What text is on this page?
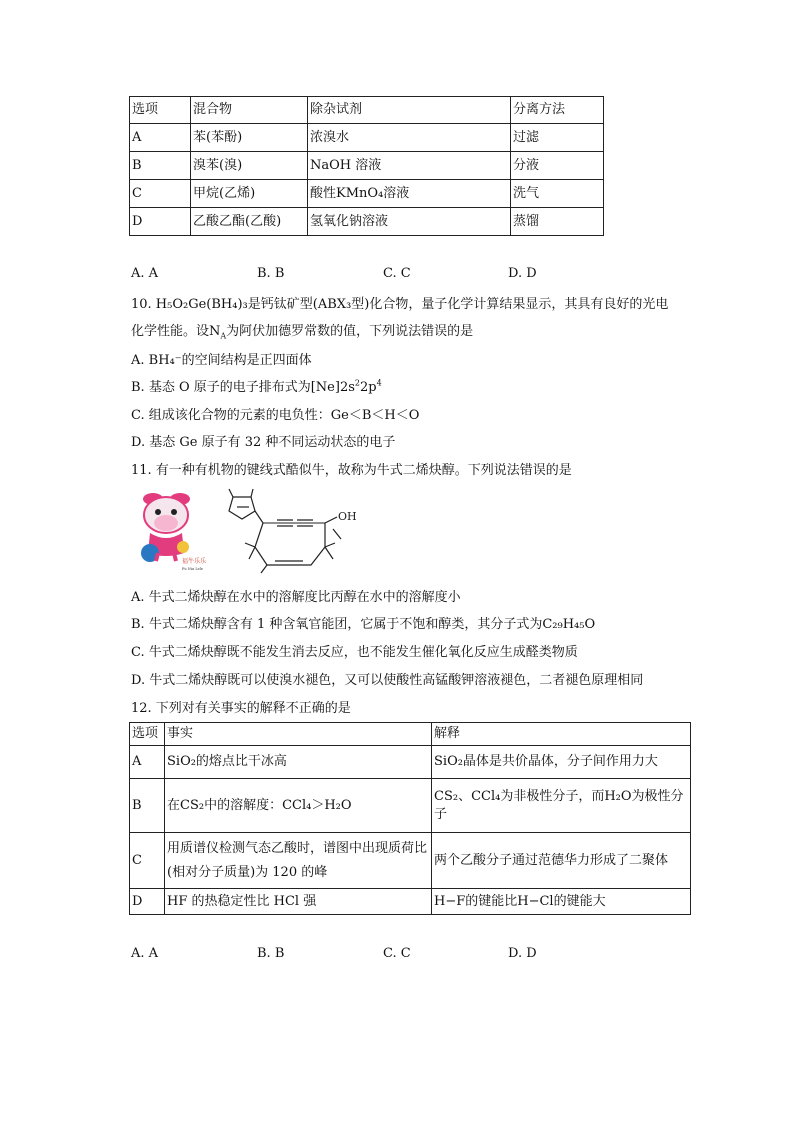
选项	混合物	除杂试剂	分离方法
A	苯(苯酚)	浓溴水	过滤
B	溴苯(溴)	NaOH 溶液	分液
C	甲烷(乙烯)	酸性KMnO₄溶液	洗气
D	乙酸乙酯(乙酸)	氢氧化钠溶液	蒸馏
A. A	B. B	C. C	D. D
10. H₅O₂Ge(BH₄)₃是钙钛矿型(ABX₃型)化合物，量子化学计算结果显示，其具有良好的光电
化学性能。设$N_A$为阿伏加德罗常数的值，下列说法错误的是
A. BH₄⁻的空间结构是正四面体
B. 基态 O 原子的电子排布式为$[Ne]2s^22p^4$
C. 组成该化合物的元素的电负性：Ge＜B＜H＜O
D. 基态 Ge 原子有 32 种不同运动状态的电子
11. 有一种有机物的键线式酷似牛，故称为牛式二烯炔醇。下列说法错误的是
福牛乐乐
Fu Niu Lele
OH
A. 牛式二烯炔醇在水中的溶解度比丙醇在水中的溶解度小
B. 牛式二烯炔醇含有 1 种含氧官能团，它属于不饱和醇类，其分子式为C₂₉H₄₅O
C. 牛式二烯炔醇既不能发生消去反应，也不能发生催化氧化反应生成醛类物质
D. 牛式二烯炔醇既可以使溴水褪色，又可以使酸性高锰酸钾溶液褪色，二者褪色原理相同
12. 下列对有关事实的解释不正确的是
选项	事实	解释
A	SiO₂的熔点比干冰高	SiO₂晶体是共价晶体，分子间作用力大
B	在CS₂中的溶解度：CCl₄＞H₂O	CS₂、CCl₄为非极性分子，而H₂O为极性分子
C	用质谱仪检测气态乙酸时，谱图中出现质荷比(相对分子质量)为 120 的峰	两个乙酸分子通过范德华力形成了二聚体
D	HF 的热稳定性比 HCl 强	H−F的键能比H−Cl的键能大
A. A	B. B	C. C	D. D
